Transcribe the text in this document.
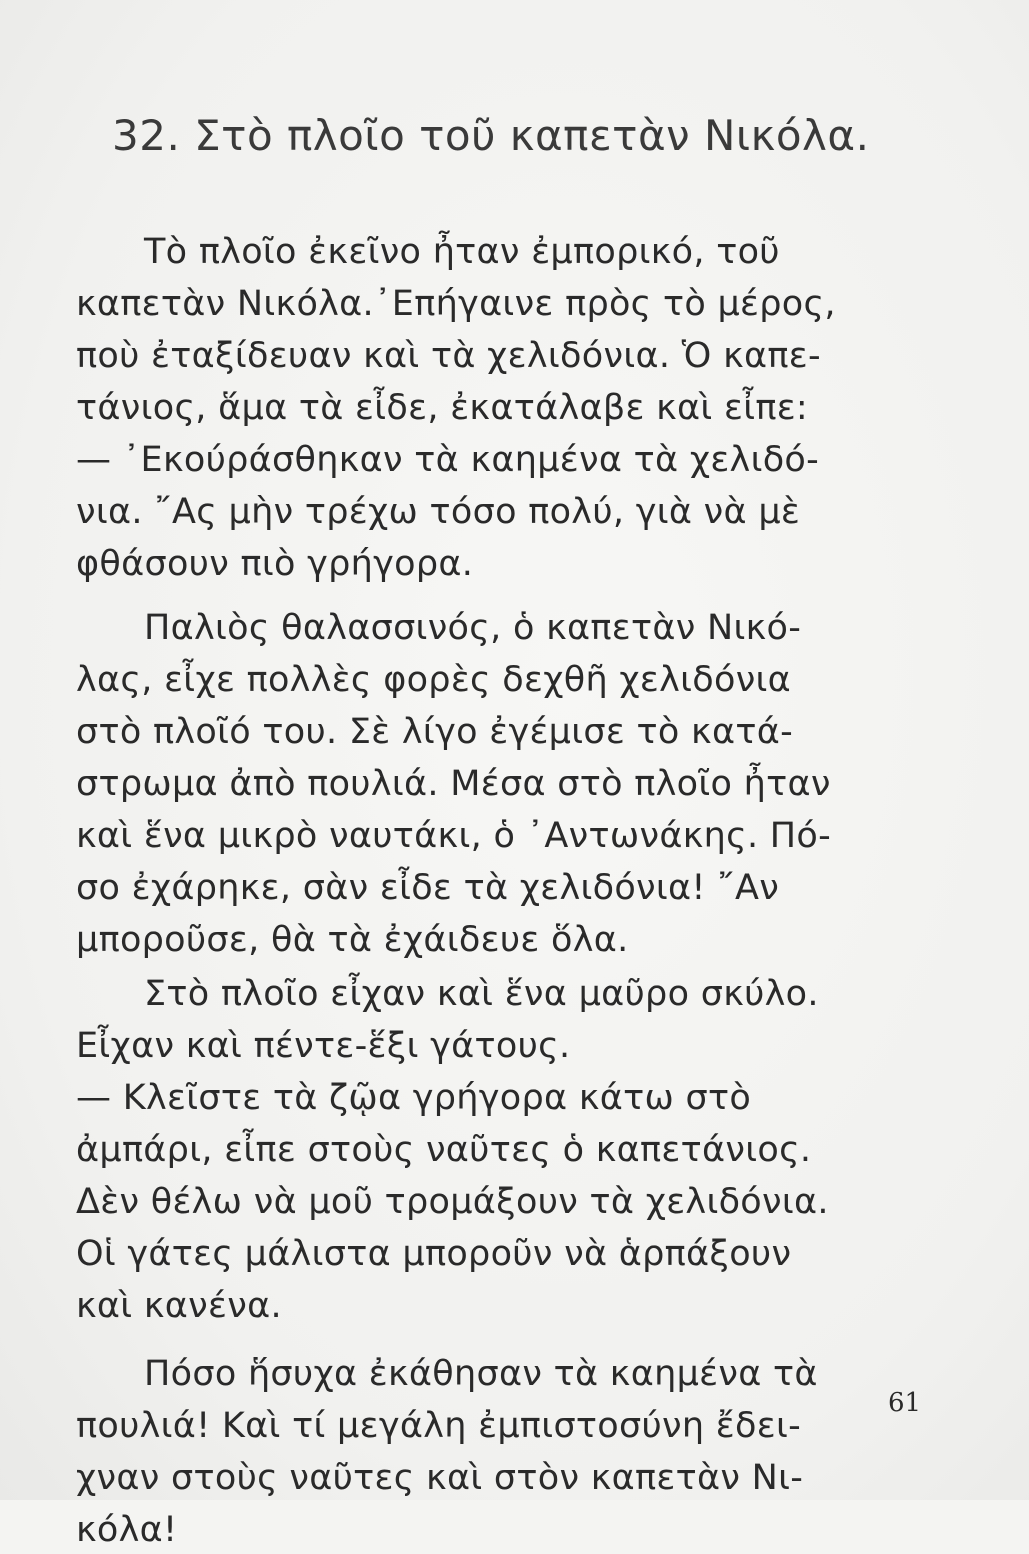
32. Στὸ πλοῖο τοῦ καπετὰν Νικόλα.
Τὸ πλοῖο ἐκεῖνο ἦταν ἐμπορικό, τοῦ
καπετὰν Νικόλα.᾿Επήγαινε πρὸς τὸ μέρος,
ποὺ ἐταξίδευαν καὶ τὰ χελιδόνια. Ὁ καπε-
τάνιος, ἅμα τὰ εἶδε, ἐκατάλαβε καὶ εἶπε:
— ᾿Εκούράσθηκαν τὰ καημένα τὰ χελιδό-
νια. ῎Ας μὴν τρέχω τόσο πολύ, γιὰ νὰ μὲ
φθάσουν πιὸ γρήγορα.
Παλιὸς θαλασσινός, ὁ καπετὰν Νικό-
λας, εἶχε πολλὲς φορὲς δεχθῆ χελιδόνια
στὸ πλοῖό του. Σὲ λίγο ἐγέμισε τὸ κατά-
στρωμα ἀπὸ πουλιά. Μέσα στὸ πλοῖο ἦταν
καὶ ἕνα μικρὸ ναυτάκι, ὁ ᾿Αντωνάκης. Πό-
σο ἐχάρηκε, σὰν εἶδε τὰ χελιδόνια! ῎Αν
μποροῦσε, θὰ τὰ ἐχάιδευε ὅλα.
Στὸ πλοῖο εἶχαν καὶ ἕνα μαῦρο σκύλο.
Εἶχαν καὶ πέντε-ἕξι γάτους.
— Κλεῖστε τὰ ζῷα γρήγορα κάτω στὸ
ἀμπάρι, εἶπε στοὺς ναῦτες ὁ καπετάνιος.
Δὲν θέλω νὰ μοῦ τρομάξουν τὰ χελιδόνια.
Οἱ γάτες μάλιστα μποροῦν νὰ ἁρπάξουν
καὶ κανένα.
Πόσο ἥσυχα ἐκάθησαν τὰ καημένα τὰ
πουλιά! Καὶ τί μεγάλη ἐμπιστοσύνη ἔδει-
χναν στοὺς ναῦτες καὶ στὸν καπετὰν Νι-
κόλα!
61
